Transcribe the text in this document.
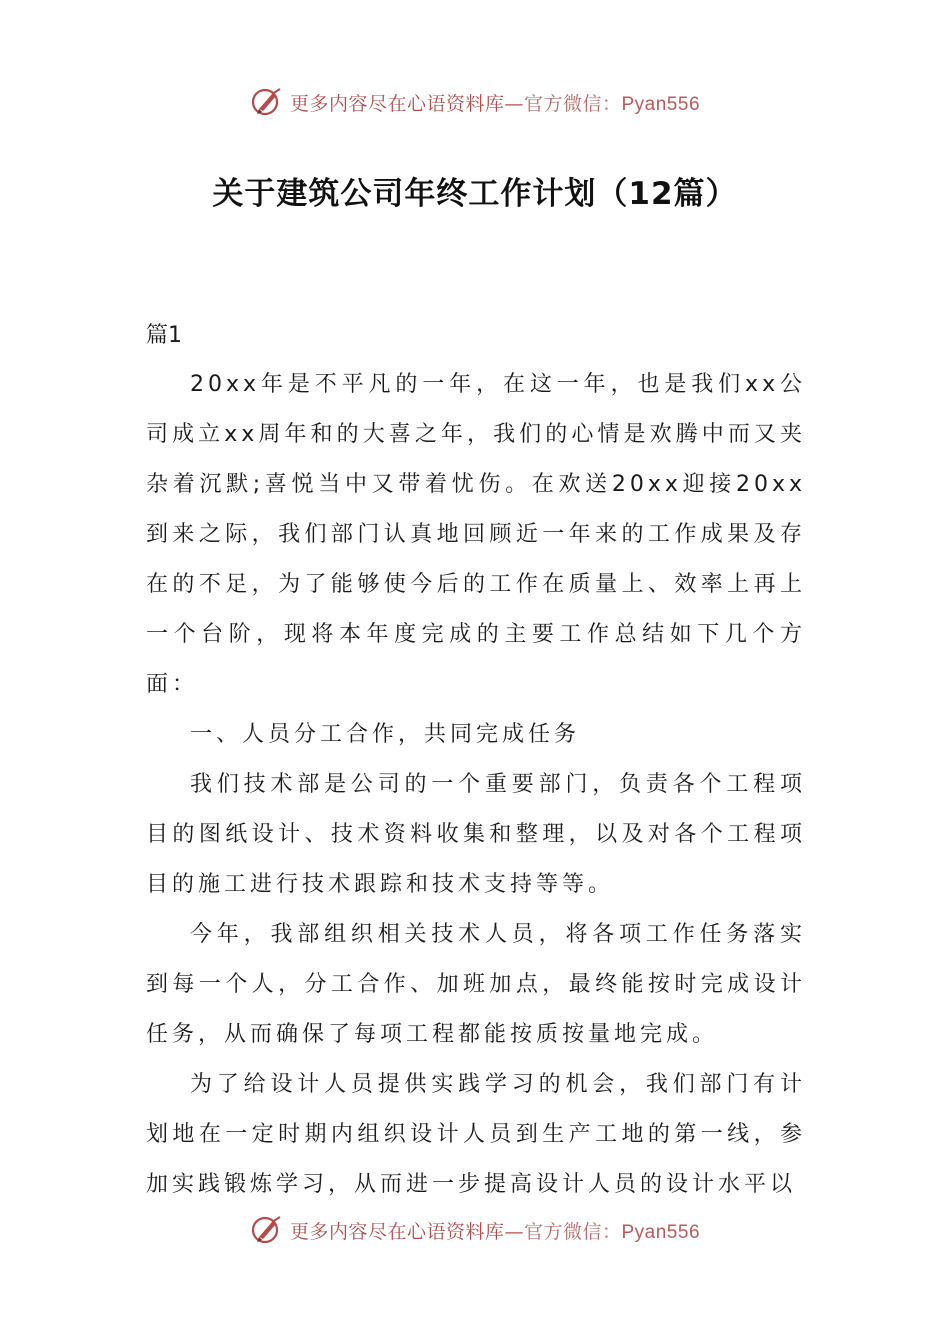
更多内容尽在心语资料库—官方微信：Pyan556
关于建筑公司年终工作计划（12篇）
篇1

20xx年是不平凡的一年，在这一年，也是我们xx公司成立xx周年和的大喜之年，我们的心情是欢腾中而又夹杂着沉默;喜悦当中又带着忧伤。在欢送20xx迎接20xx到来之际，我们部门认真地回顾近一年来的工作成果及存在的不足，为了能够使今后的工作在质量上、效率上再上一个台阶，现将本年度完成的主要工作总结如下几个方面：

一、人员分工合作，共同完成任务

我们技术部是公司的一个重要部门，负责各个工程项目的图纸设计、技术资料收集和整理，以及对各个工程项目的施工进行技术跟踪和技术支持等等。

今年，我部组织相关技术人员，将各项工作任务落实到每一个人，分工合作、加班加点，最终能按时完成设计任务，从而确保了每项工程都能按质按量地完成。

为了给设计人员提供实践学习的机会，我们部门有计划地在一定时期内组织设计人员到生产工地的第一线，参加实践锻炼学习，从而进一步提高设计人员的设计水平以

更多内容尽在心语资料库—官方微信：Pyan556
